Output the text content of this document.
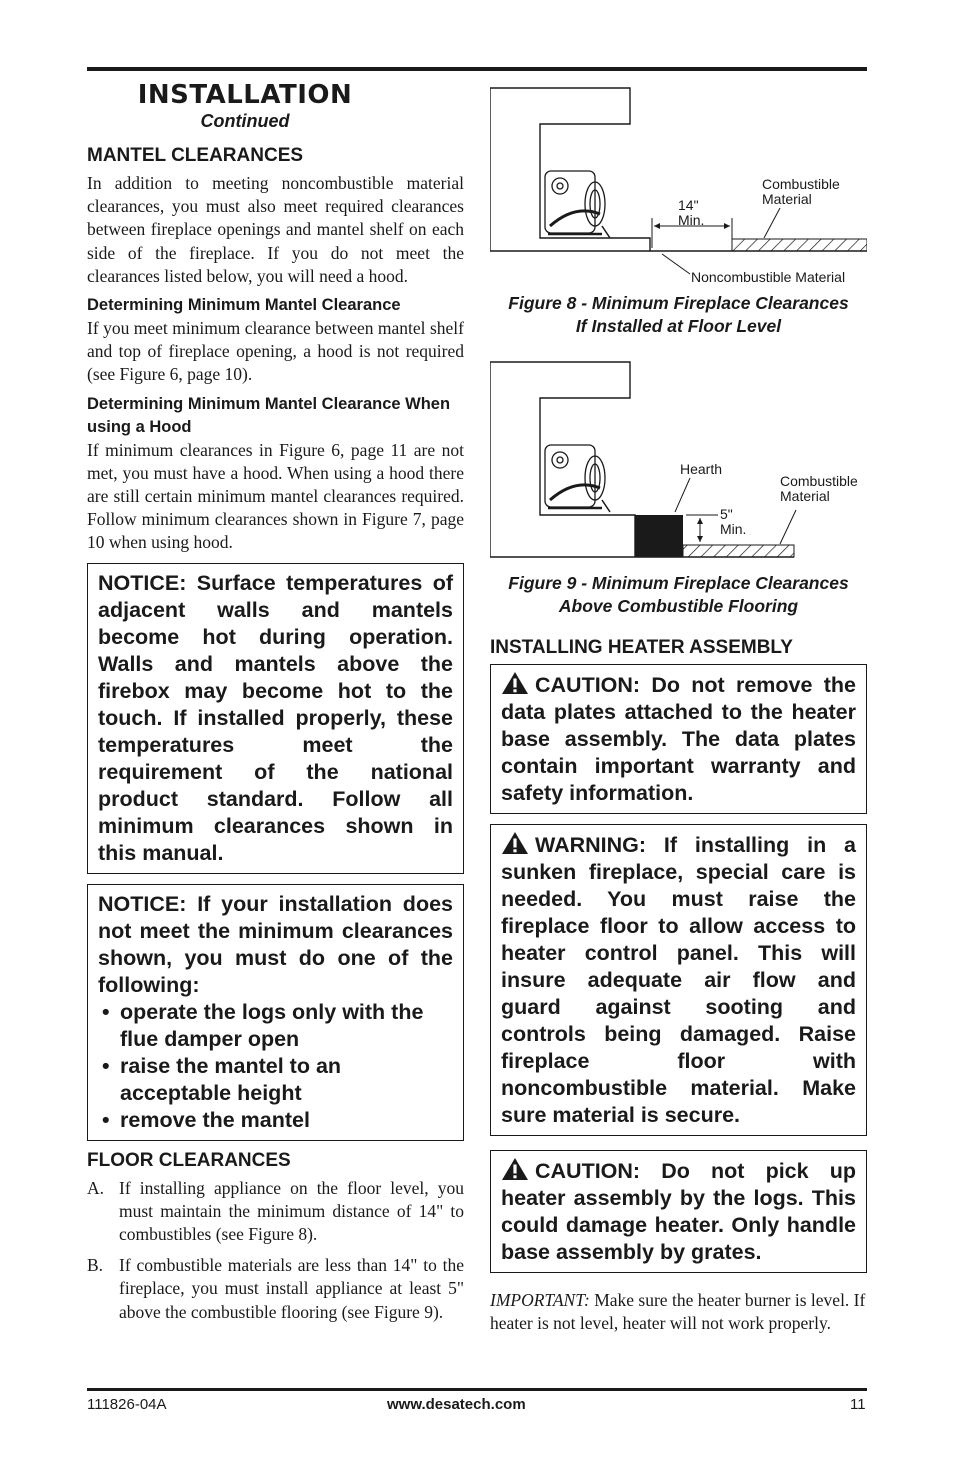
INSTALLATION
Continued
MANTEL CLEARANCES

In addition to meeting noncombustible material clearances, you must also meet required clearances between fireplace openings and mantel shelf on each side of the fireplace. If you do not meet the clearances listed below, you will need a hood.

Determining Minimum Mantel Clearance

If you meet minimum clearance between mantel shelf and top of fireplace opening, a hood is not required (see Figure 6, page 10).

Determining Minimum Mantel Clearance When using a Hood

If minimum clearances in Figure 6, page 11 are not met, you must have a hood. When using a hood there are still certain minimum mantel clearances required. Follow minimum clearances shown in Figure 7, page 10 when using hood.

NOTICE: Surface temperatures of adjacent walls and mantels become hot during operation. Walls and mantels above the firebox may become hot to the touch. If installed properly, these temperatures meet the requirement of the national product standard. Follow all minimum clearances shown in this manual.
NOTICE: If your installation does not meet the minimum clearances shown, you must do one of the following:
• operate the logs only with the flue damper open
• raise the mantel to an acceptable height
• remove the mantel
FLOOR CLEARANCES
A. If installing appliance on the floor level, you must maintain the minimum distance of 14" to combustibles (see Figure 8).
B. If combustible materials are less than 14" to the fireplace, you must install appliance at least 5" above the combustible flooring (see Figure 9).
Combustible Material
14" Min.
Noncombustible Material
Figure 8 - Minimum Fireplace Clearances
If Installed at Floor Level
Hearth
Combustible Material
5" Min.
Figure 9 - Minimum Fireplace Clearances
Above Combustible Flooring
INSTALLING HEATER ASSEMBLY
CAUTION: Do not remove the data plates attached to the heater base assembly. The data plates contain important warranty and safety information.
WARNING: If installing in a sunken fireplace, special care is needed. You must raise the fireplace floor to allow access to heater control panel. This will insure adequate air flow and guard against sooting and controls being damaged. Raise fireplace floor with noncombustible material. Make sure material is secure.
CAUTION: Do not pick up heater assembly by the logs. This could damage heater. Only handle base assembly by grates.
IMPORTANT: Make sure the heater burner is level. If heater is not level, heater will not work properly.
111826-04A	www.desatech.com	11
